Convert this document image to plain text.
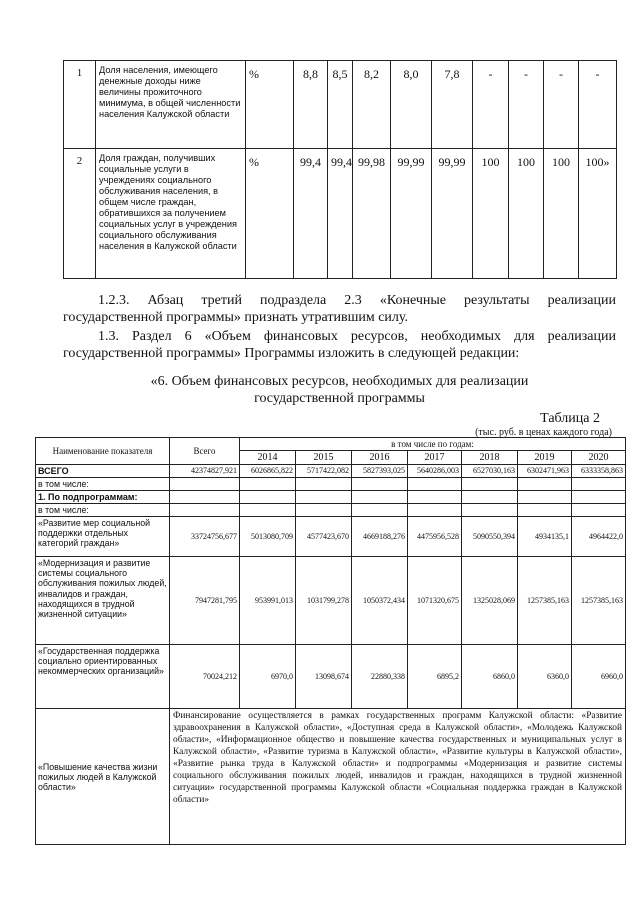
1	Доля населения, имеющего денежные доходы ниже величины прожиточного минимума, в общей численности населения Калужской области	%	8,8	8,5	8,2	8,0	7,8	-	-	-	-
2	Доля граждан, получивших социальные услуги в учреждениях социального обслуживания населения, в общем числе граждан, обратившихся за получением социальных услуг в учреждения социального обслуживания населения в Калужской области	%	99,4	99,4	99,98	99,99	99,99	100	100	100	100»

1.2.3. Абзац третий подраздела 2.3 «Конечные результаты реализации
государственной программы» признать утратившим силу.

1.3. Раздел 6 «Объем финансовых ресурсов, необходимых для реализации
государственной программы» Программы изложить в следующей редакции:

«6. Объем финансовых ресурсов, необходимых для реализации
государственной программы
Таблица 2
(тыс. руб. в ценах каждого года)
Наименование показателя	Всего	в том числе по годам:						
		2014	2015	2016	2017	2018	2019	2020
ВСЕГО	42374827,921	6026865,822	5717422,082	5827393,025	5640286,003	6527030,163	6302471,963	6333358,863
в том числе:								
1. По подпрограммам:								
в том числе:								
«Развитие мер социальной поддержки отдельных категорий граждан»	33724756,677	5013080,709	4577423,670	4669188,276	4475956,528	5090550,394	4934135,1	4964422,0
«Модернизация и развитие системы социального обслуживания пожилых людей, инвалидов и граждан, находящихся в трудной жизненной ситуации»	7947281,795	953991,013	1031799,278	1050372,434	1071320,675	1325028,069	1257385,163	1257385,163
«Государственная поддержка социально ориентированных некоммерческих организаций»	70024,212	6970,0	13098,674	22880,338	6895,2	6860,0	6360,0	6960,0
«Повышение качества жизни пожилых людей в Калужской области»	Финансирование осуществляется в рамках государственных программ Калужской области: «Развитие здравоохранения в Калужской области», «Доступная среда в Калужской области», «Молодежь Калужской области», «Информационное общество и повышение качества государственных и муниципальных услуг в Калужской области», «Развитие туризма в Калужской области», «Развитие культуры в Калужской области», «Развитие рынка труда в Калужской области» и подпрограммы «Модернизация и развитие системы социального обслуживания пожилых людей, инвалидов и граждан, находящихся в трудной жизненной ситуации» государственной программы Калужской области «Социальная поддержка граждан в Калужской области»							
